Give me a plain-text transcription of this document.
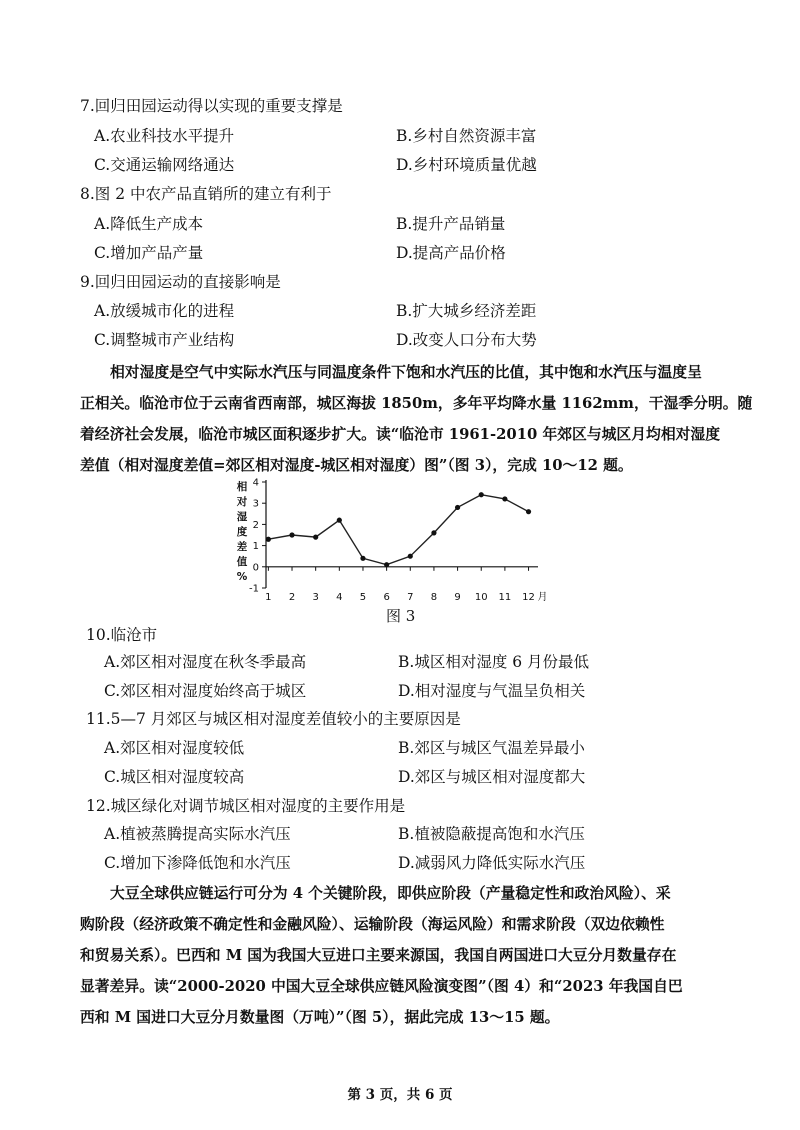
7.回归田园运动得以实现的重要支撑是
A.农业科技水平提升	B.乡村自然资源丰富
C.交通运输网络通达	D.乡村环境质量优越
8.图 2 中农产品直销所的建立有利于
A.降低生产成本	B.提升产品销量
C.增加产品产量	D.提高产品价格
9.回归田园运动的直接影响是
A.放缓城市化的进程	B.扩大城乡经济差距
C.调整城市产业结构	D.改变人口分布大势
相对湿度是空气中实际水汽压与同温度条件下饱和水汽压的比值，其中饱和水汽压与温度呈
正相关。临沧市位于云南省西南部，城区海拔 1850m，多年平均降水量 1162mm，干湿季分明。随
着经济社会发展，临沧市城区面积逐步扩大。读“临沧市 1961-2010 年郊区与城区月均相对湿度
差值（相对湿度差值=郊区相对湿度-城区相对湿度）图”（图 3），完成 10～12 题。
相
对
湿
度
差
值
%
-1
0
1
2
3
4
1 2 3 4 5 6 7 8 9 10 11 12 月
图 3
10.临沧市
A.郊区相对湿度在秋冬季最高	B.城区相对湿度 6 月份最低
C.郊区相对湿度始终高于城区	D.相对湿度与气温呈负相关
11.5—7 月郊区与城区相对湿度差值较小的主要原因是
A.郊区相对湿度较低	B.郊区与城区气温差异最小
C.城区相对湿度较高	D.郊区与城区相对湿度都大
12.城区绿化对调节城区相对湿度的主要作用是
A.植被蒸腾提高实际水汽压	B.植被隐蔽提高饱和水汽压
C.增加下渗降低饱和水汽压	D.减弱风力降低实际水汽压
大豆全球供应链运行可分为 4 个关键阶段，即供应阶段（产量稳定性和政治风险）、采
购阶段（经济政策不确定性和金融风险）、运输阶段（海运风险）和需求阶段（双边依赖性
和贸易关系）。巴西和 M 国为我国大豆进口主要来源国，我国自两国进口大豆分月数量存在
显著差异。读“2000-2020 中国大豆全球供应链风险演变图”（图 4）和“2023 年我国自巴
西和 M 国进口大豆分月数量图（万吨）”（图 5），据此完成 13～15 题。
第 3 页，共 6 页
